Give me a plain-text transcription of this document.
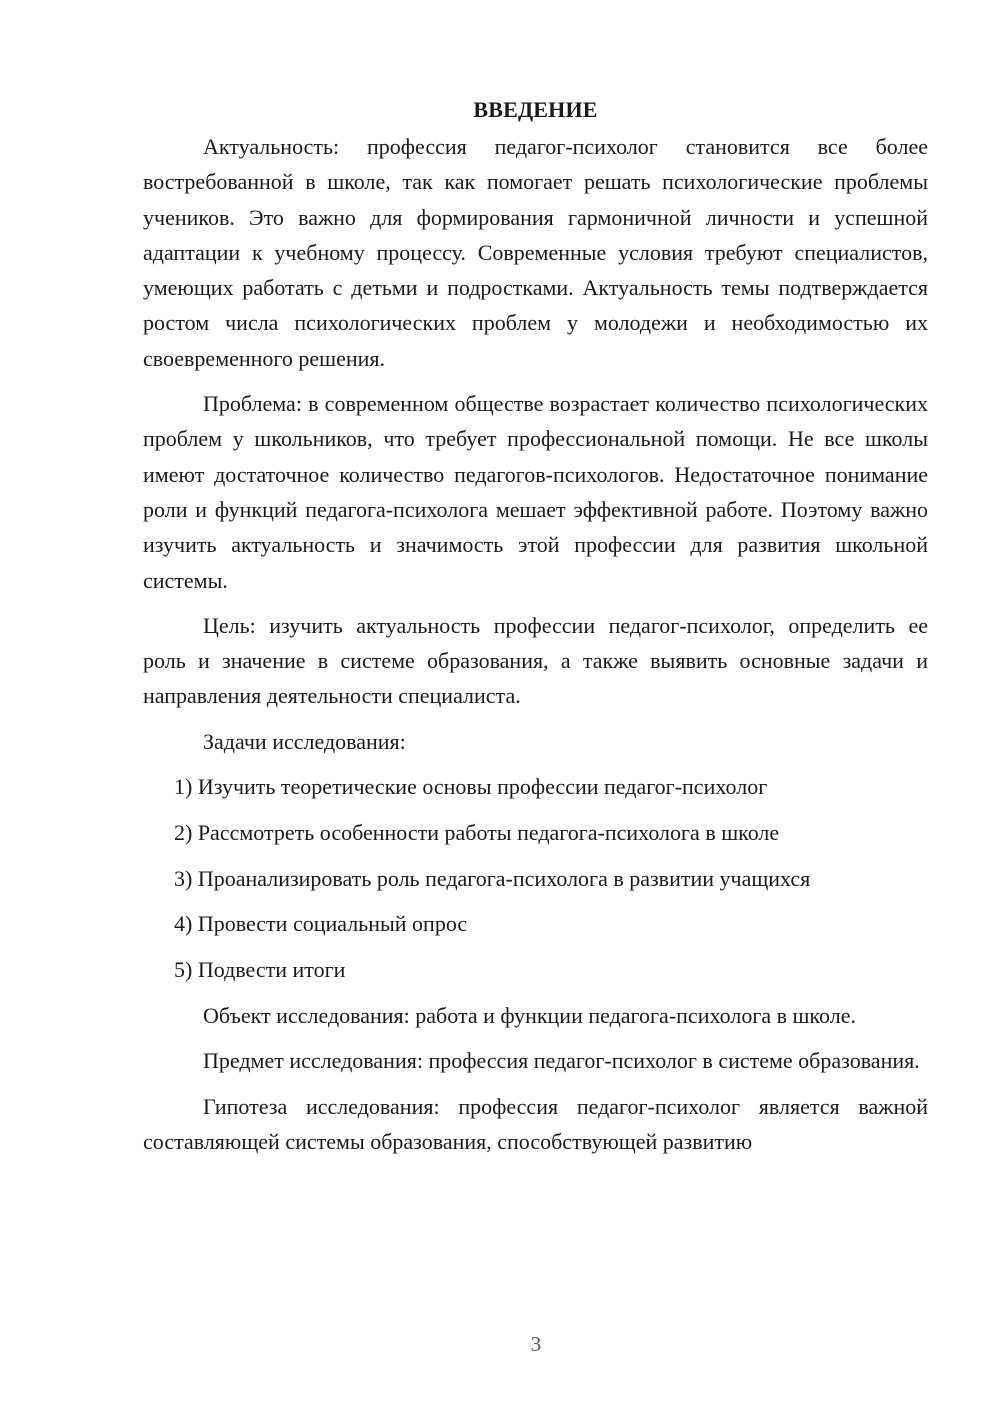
ВВЕДЕНИЕ

Актуальность: профессия педагог-психолог становится все более востребованной в школе, так как помогает решать психологические проблемы учеников. Это важно для формирования гармоничной личности и успешной адаптации к учебному процессу. Современные условия требуют специалистов, умеющих работать с детьми и подростками. Актуальность темы подтверждается ростом числа психологических проблем у молодежи и необходимостью их своевременного решения.

Проблема: в современном обществе возрастает количество психологических проблем у школьников, что требует профессиональной помощи. Не все школы имеют достаточное количество педагогов-психологов. Недостаточное понимание роли и функций педагога-психолога мешает эффективной работе. Поэтому важно изучить актуальность и значимость этой профессии для развития школьной системы.

Цель: изучить актуальность профессии педагог-психолог, определить ее роль и значение в системе образования, а также выявить основные задачи и направления деятельности специалиста.

Задачи исследования:

1) Изучить теоретические основы профессии педагог-психолог
2) Рассмотреть особенности работы педагога-психолога в школе
3) Проанализировать роль педагога-психолога в развитии учащихся
4) Провести социальный опрос
5) Подвести итоги

Объект исследования: работа и функции педагога-психолога в школе.

Предмет исследования: профессия педагог-психолог в системе образования.

Гипотеза исследования: профессия педагог-психолог является важной составляющей системы образования, способствующей развитию

3
